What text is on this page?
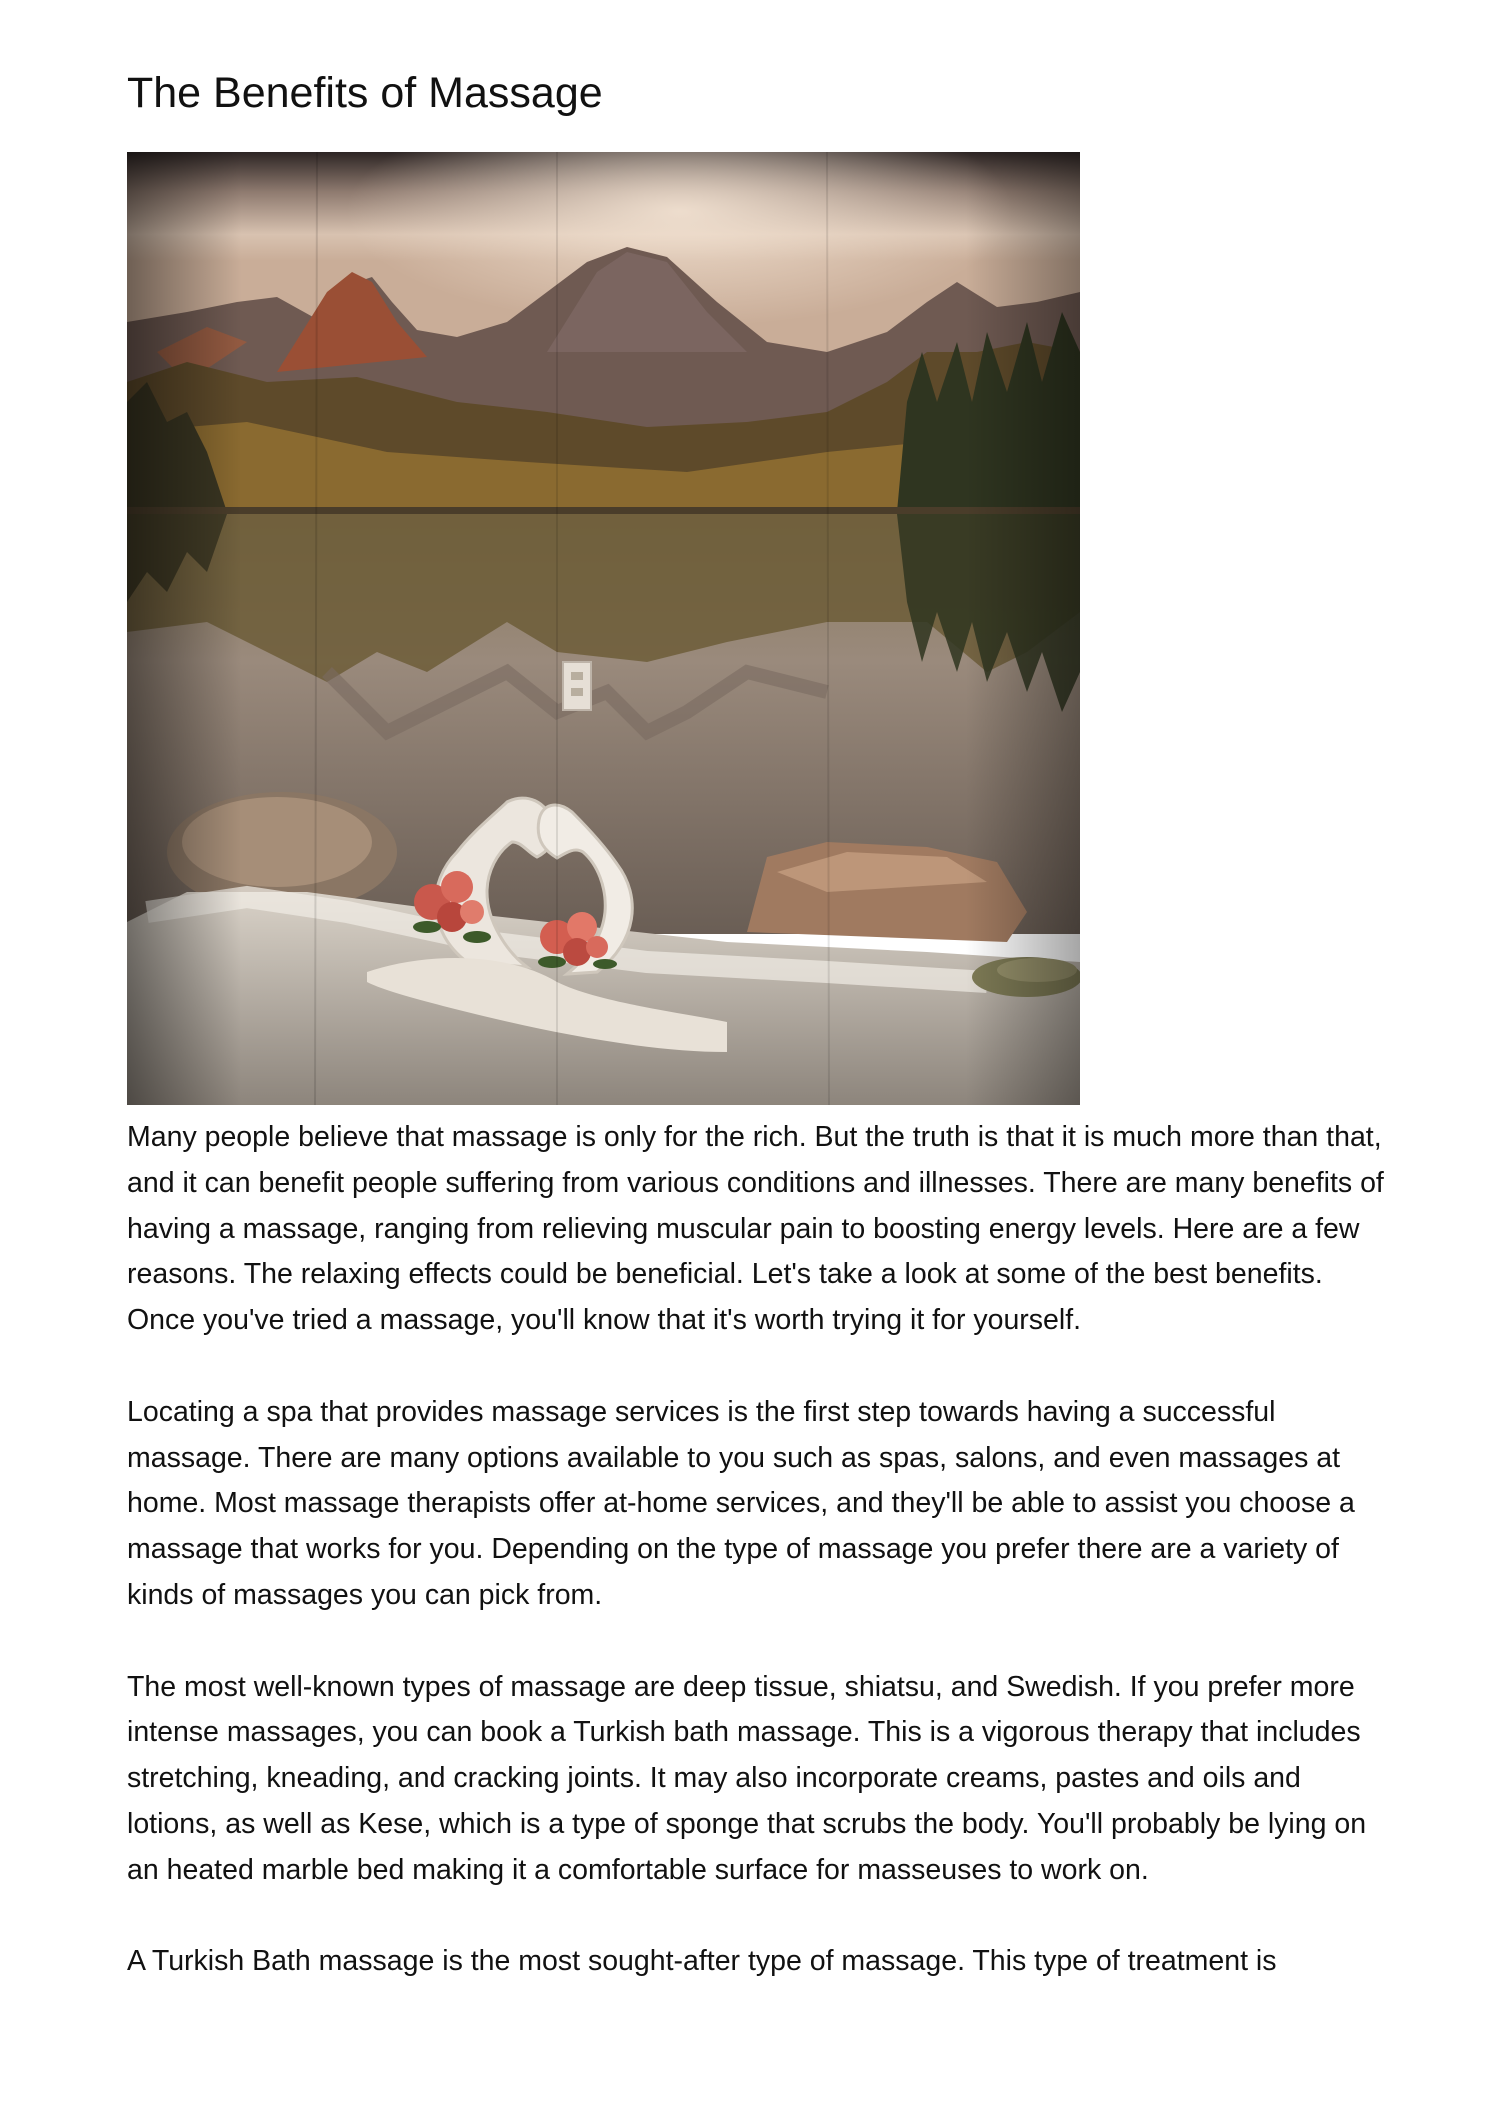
The Benefits of Massage

Many people believe that massage is only for the rich. But the truth is that it is much more than that, and it can benefit people suffering from various conditions and illnesses. There are many benefits of having a massage, ranging from relieving muscular pain to boosting energy levels. Here are a few reasons. The relaxing effects could be beneficial. Let's take a look at some of the best benefits. Once you've tried a massage, you'll know that it's worth trying it for yourself.

Locating a spa that provides massage services is the first step towards having a successful massage. There are many options available to you such as spas, salons, and even massages at home. Most massage therapists offer at-home services, and they'll be able to assist you choose a massage that works for you. Depending on the type of massage you prefer there are a variety of kinds of massages you can pick from.

The most well-known types of massage are deep tissue, shiatsu, and Swedish. If you prefer more intense massages, you can book a Turkish bath massage. This is a vigorous therapy that includes stretching, kneading, and cracking joints. It may also incorporate creams, pastes and oils and lotions, as well as Kese, which is a type of sponge that scrubs the body. You'll probably be lying on an heated marble bed making it a comfortable surface for masseuses to work on.

A Turkish Bath massage is the most sought-after type of massage. This type of treatment is
